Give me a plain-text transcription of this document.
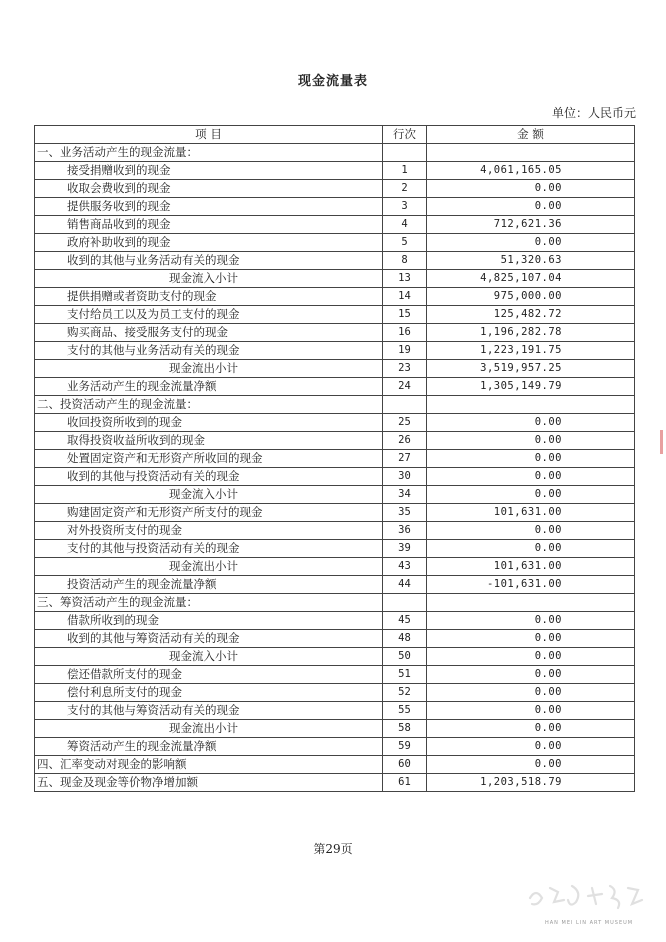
现金流量表
单位：人民币元
项 目	行次	金 额
一、业务活动产生的现金流量：		
接受捐赠收到的现金	1	4,061,165.05
收取会费收到的现金	2	0.00
提供服务收到的现金	3	0.00
销售商品收到的现金	4	712,621.36
政府补助收到的现金	5	0.00
收到的其他与业务活动有关的现金	8	51,320.63
现金流入小计	13	4,825,107.04
提供捐赠或者资助支付的现金	14	975,000.00
支付给员工以及为员工支付的现金	15	125,482.72
购买商品、接受服务支付的现金	16	1,196,282.78
支付的其他与业务活动有关的现金	19	1,223,191.75
现金流出小计	23	3,519,957.25
业务活动产生的现金流量净额	24	1,305,149.79
二、投资活动产生的现金流量：		
收回投资所收到的现金	25	0.00
取得投资收益所收到的现金	26	0.00
处置固定资产和无形资产所收回的现金	27	0.00
收到的其他与投资活动有关的现金	30	0.00
现金流入小计	34	0.00
购建固定资产和无形资产所支付的现金	35	101,631.00
对外投资所支付的现金	36	0.00
支付的其他与投资活动有关的现金	39	0.00
现金流出小计	43	101,631.00
投资活动产生的现金流量净额	44	-101,631.00
三、筹资活动产生的现金流量：		
借款所收到的现金	45	0.00
收到的其他与筹资活动有关的现金	48	0.00
现金流入小计	50	0.00
偿还借款所支付的现金	51	0.00
偿付利息所支付的现金	52	0.00
支付的其他与筹资活动有关的现金	55	0.00
现金流出小计	58	0.00
筹资活动产生的现金流量净额	59	0.00
四、汇率变动对现金的影响额	60	0.00
五、现金及现金等价物净增加额	61	1,203,518.79
第29页
HAN MEI LIN ART MUSEUM
